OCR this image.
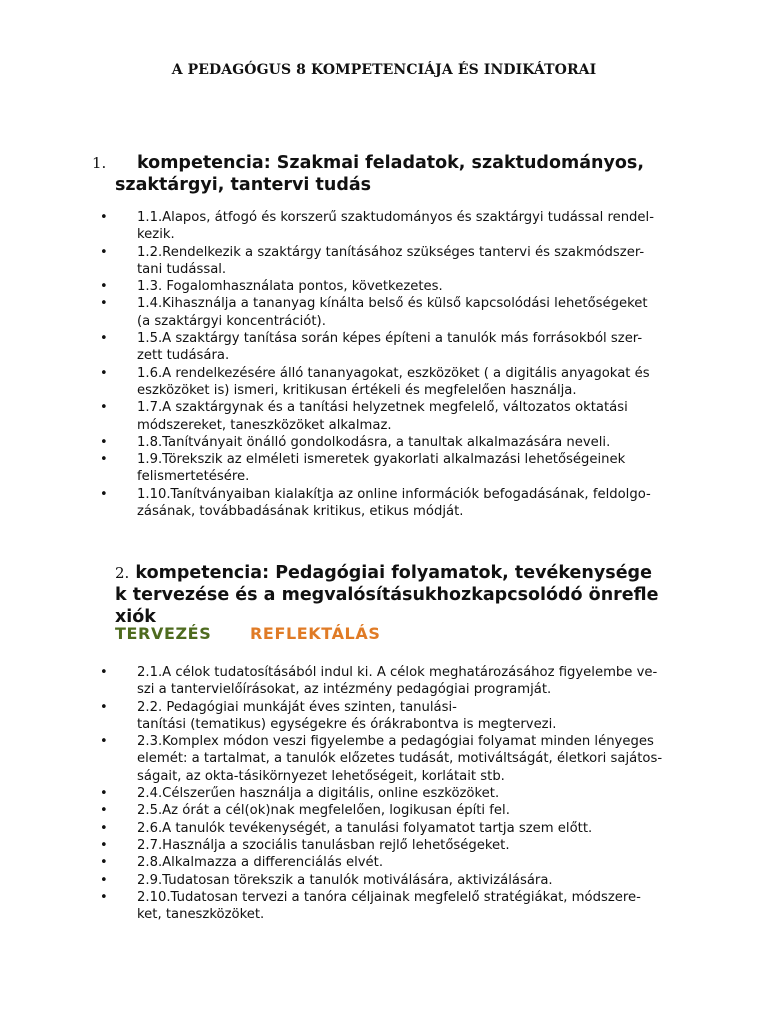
A PEDAGÓGUS 8 KOMPETENCIÁJA ÉS INDIKÁTORAI
1. kompetencia: Szakmai feladatok, szaktudományos,
szaktárgyi, tantervi tudás
• 1.1.Alapos, átfogó és korszerű szaktudományos és szaktárgyi tudással rendel-
kezik.
• 1.2.Rendelkezik a szaktárgy tanításához szükséges tantervi és szakmódszer-
tani tudással.
• 1.3. Fogalomhasználata pontos, következetes.
• 1.4.Kihasználja a tananyag kínálta belső és külső kapcsolódási lehetőségeket
(a szaktárgyi koncentrációt).
• 1.5.A szaktárgy tanítása során képes építeni a tanulók más forrásokból szer-
zett tudására.
• 1.6.A rendelkezésére álló tananyagokat, eszközöket ( a digitális anyagokat és
eszközöket is) ismeri, kritikusan értékeli és megfelelően használja.
• 1.7.A szaktárgynak és a tanítási helyzetnek megfelelő, változatos oktatási
módszereket, taneszközöket alkalmaz.
• 1.8.Tanítványait önálló gondolkodásra, a tanultak alkalmazására neveli.
• 1.9.Törekszik az elméleti ismeretek gyakorlati alkalmazási lehetőségeinek
felismertetésére.
• 1.10.Tanítványaiban kialakítja az online információk befogadásának, feldolgo-
zásának, továbbadásának kritikus, etikus módját.
2. kompetencia: Pedagógiai folyamatok, tevékenysége
k tervezése és a megvalósításukhozkapcsolódó önrefle
xiók
TERVEZÉS REFLEKTÁLÁS
• 2.1.A célok tudatosításából indul ki. A célok meghatározásához figyelembe ve-
szi a tantervielőírásokat, az intézmény pedagógiai programját.
• 2.2. Pedagógiai munkáját éves szinten, tanulási-
tanítási (tematikus) egységekre és órákrabontva is megtervezi.
• 2.3.Komplex módon veszi figyelembe a pedagógiai folyamat minden lényeges
elemét: a tartalmat, a tanulók előzetes tudását, motiváltságát, életkori sajátos-
ságait, az okta-tásikörnyezet lehetőségeit, korlátait stb.
• 2.4.Célszerűen használja a digitális, online eszközöket.
• 2.5.Az órát a cél(ok)nak megfelelően, logikusan építi fel.
• 2.6.A tanulók tevékenységét, a tanulási folyamatot tartja szem előtt.
• 2.7.Használja a szociális tanulásban rejlő lehetőségeket.
• 2.8.Alkalmazza a differenciálás elvét.
• 2.9.Tudatosan törekszik a tanulók motiválására, aktivizálására.
• 2.10.Tudatosan tervezi a tanóra céljainak megfelelő stratégiákat, módszere-
ket, taneszközöket.
